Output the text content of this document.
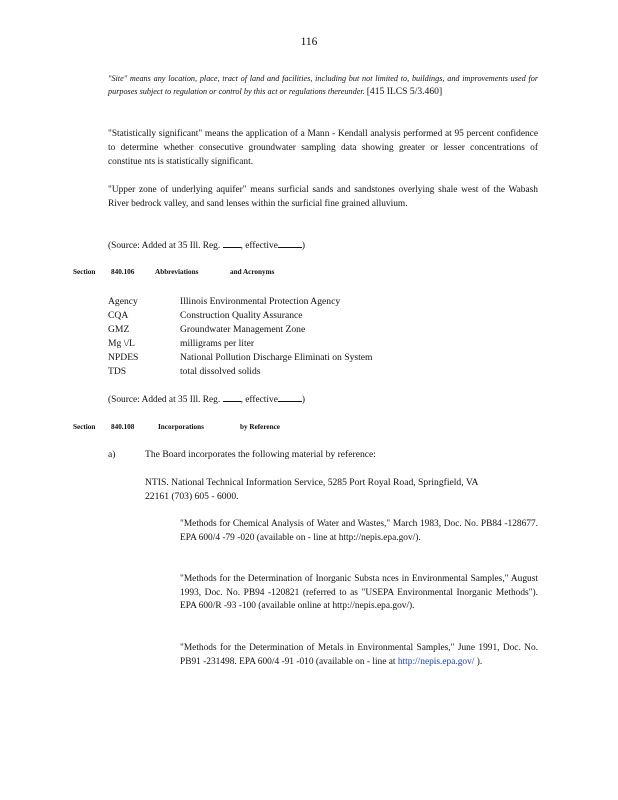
116

"Site" means any location, place, tract of land and facilities, including but not limited to, buildings, and improvements used for purposes subject to regulation or control by this act or regulations thereunder. [415 ILCS 5/3.460]

"Statistically significant" means the application of a Mann - Kendall analysis performed at 95 percent confidence to determine whether consecutive groundwater sampling data showing greater or lesser concentrations of constitue nts is statistically significant.

"Upper zone of underlying aquifer" means surficial sands and sandstones overlying shale west of the Wabash River bedrock valley, and sand lenses within the surficial fine grained alluvium.

(Source: Added at 35 Ill. Reg. , effective	)

Section 840.106	Abbreviations	and Acronyms
Agency	Illinois Environmental Protection Agency
CQA	Construction Quality Assurance
GMZ	Groundwater Management Zone
Mg \/L	milligrams per liter
NPDES	National Pollution Discharge Eliminati on System
TDS	total dissolved solids

(Source: Added at 35 Ill. Reg. , effective	)

Section 840.108	Incorporations	by Reference
a)	The Board incorporates the following material by reference:

NTIS. National Technical Information Service, 5285 Port Royal Road, Springfield, VA 22161 (703) 605 - 6000.

"Methods for Chemical Analysis of Water and Wastes," March 1983, Doc. No. PB84 -128677. EPA 600/4 -79 -020 (available on - line at http://nepis.epa.gov/).

"Methods for the Determination of Inorganic Substa nces in Environmental Samples," August 1993, Doc. No. PB94 -120821 (referred to as "USEPA Environmental Inorganic Methods"). EPA 600/R -93 -100 (available online at http://nepis.epa.gov/).

"Methods for the Determination of Metals in Environmental Samples," June 1991, Doc. No. PB91 -231498. EPA 600/4 -91 -010 (available on - line at http://nepis.epa.gov/ ).
